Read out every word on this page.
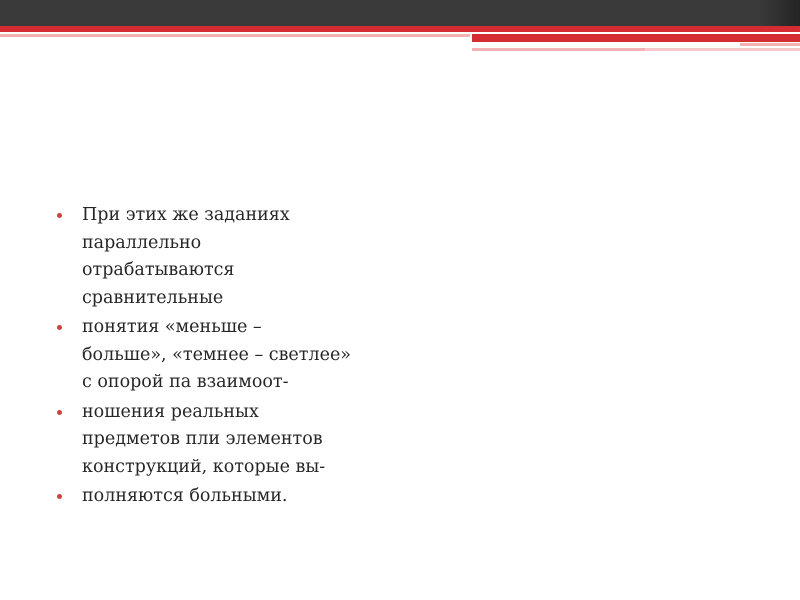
При этих же заданиях
параллельно
отрабатываются
сравнительные
понятия «меньше –
больше», «темнее – светлее»
с опорой па взаимоот-
ношения реальных
предметов пли элементов
конструкций, которые вы-
полняются больными.
